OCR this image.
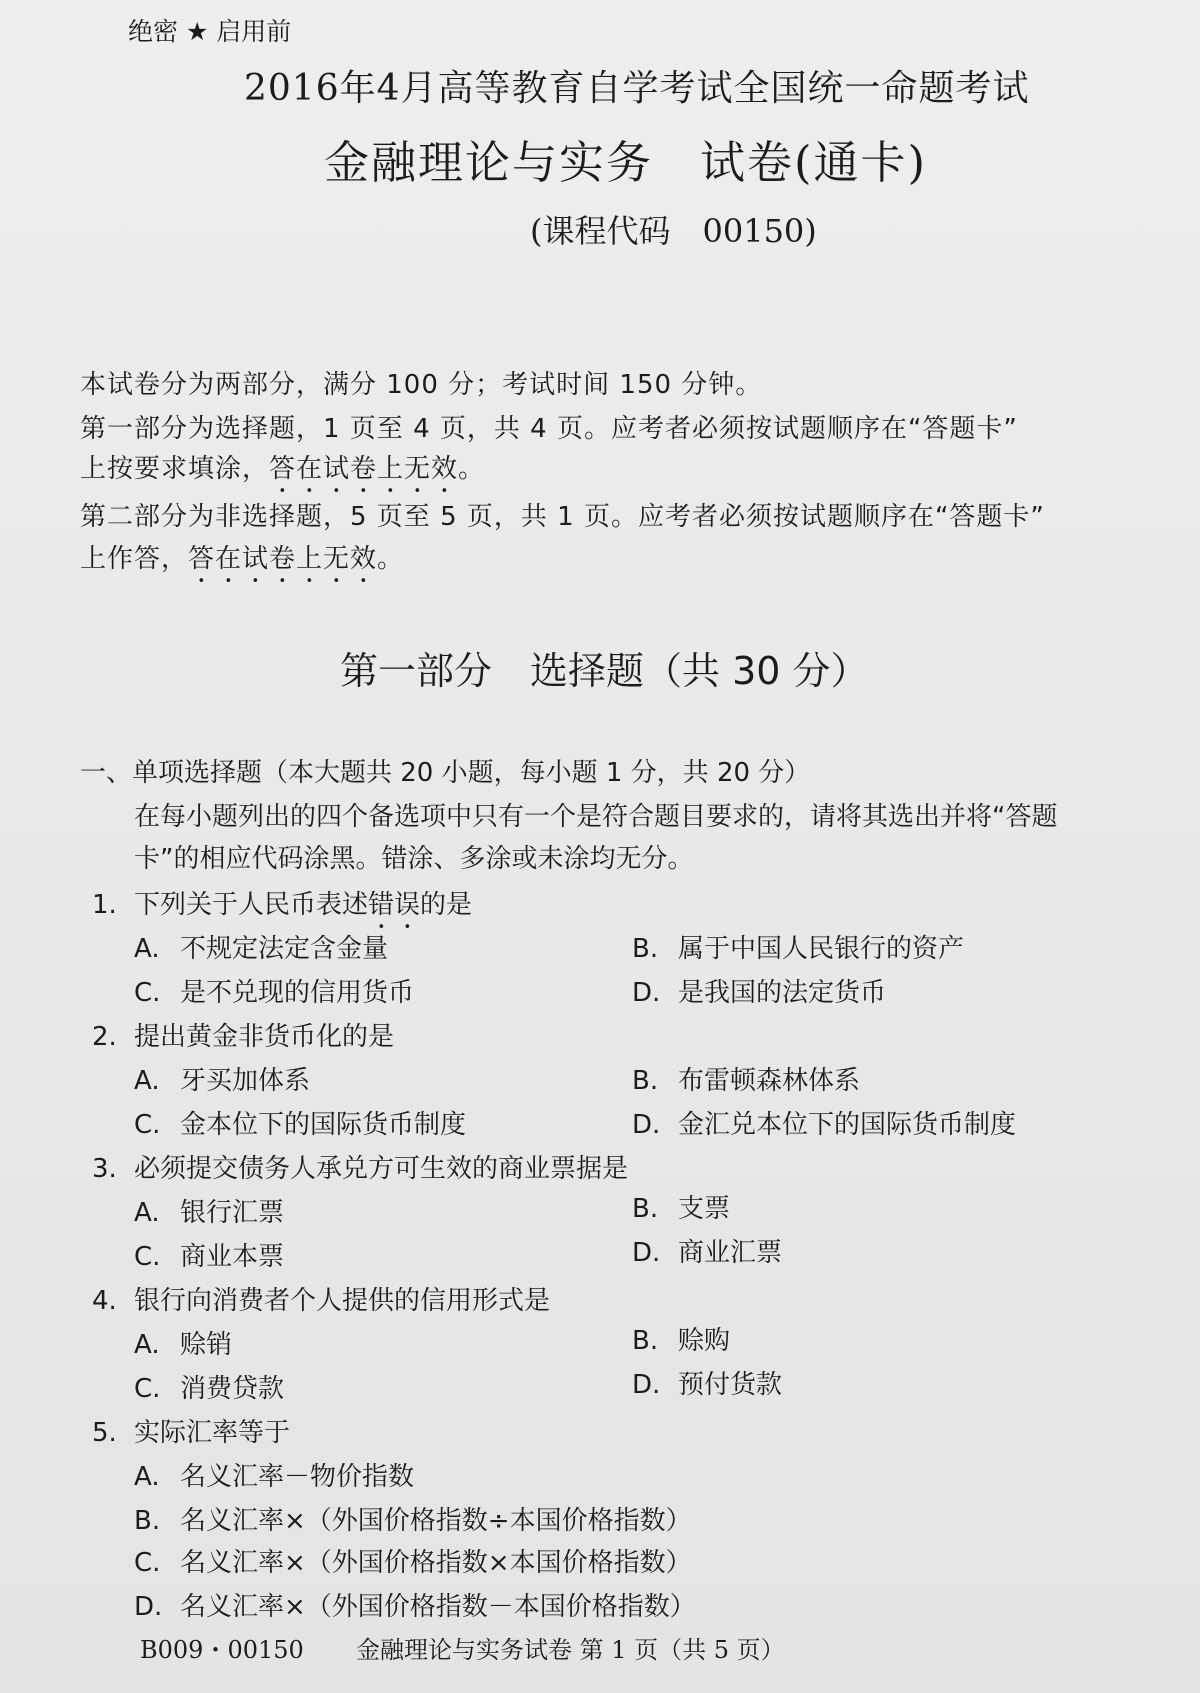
绝密 ★ 启用前
2016年4月高等教育自学考试全国统一命题考试
金融理论与实务　试卷(通卡)
(课程代码　00150)
本试卷分为两部分，满分 100 分；考试时间 150 分钟。
第一部分为选择题，1 页至 4 页，共 4 页。应考者必须按试题顺序在“答题卡”
上按要求填涂，答在试卷上无效。
第二部分为非选择题，5 页至 5 页，共 1 页。应考者必须按试题顺序在“答题卡”
上作答，答在试卷上无效。
第一部分　选择题（共 30 分）
一、单项选择题（本大题共 20 小题，每小题 1 分，共 20 分）
在每小题列出的四个备选项中只有一个是符合题目要求的，请将其选出并将“答题
卡”的相应代码涂黑。错涂、多涂或未涂均无分。
1. 下列关于人民币表述错误的是
A. 不规定法定含金量	B. 属于中国人民银行的资产
C. 是不兑现的信用货币	D. 是我国的法定货币
2. 提出黄金非货币化的是
A. 牙买加体系	B. 布雷顿森林体系
C. 金本位下的国际货币制度	D. 金汇兑本位下的国际货币制度
3. 必须提交债务人承兑方可生效的商业票据是
A. 银行汇票	B. 支票
C. 商业本票	D. 商业汇票
4. 银行向消费者个人提供的信用形式是
A. 赊销	B. 赊购
C. 消费贷款	D. 预付货款
5. 实际汇率等于
A. 名义汇率－物价指数
B. 名义汇率×（外国价格指数÷本国价格指数）
C. 名义汇率×（外国价格指数×本国价格指数）
D. 名义汇率×（外国价格指数－本国价格指数）
B009・00150 金融理论与实务试卷 第 1 页（共 5 页）
